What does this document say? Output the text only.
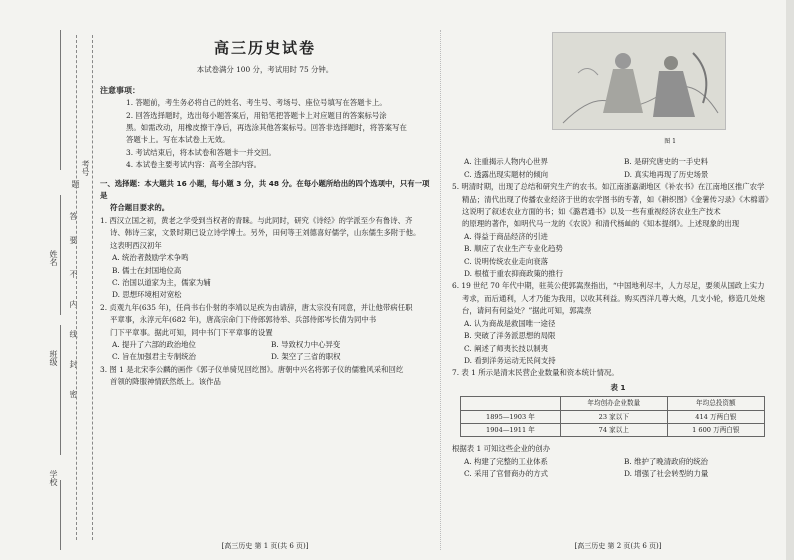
考号
姓名
班级
学校
题
答
要
不
内
线
封
密
高三历史试卷
本试卷满分 100 分，考试用时 75 分钟。
注意事项：
1. 答题前，考生务必将自己的姓名、考生号、考场号、座位号填写在答题卡上。
2. 回答选择题时，选出每小题答案后，用铅笔把答题卡上对应题目的答案标号涂
黑。如需改动，用橡皮擦干净后，再选涂其他答案标号。回答非选择题时，将答案写在
答题卡上。写在本试卷上无效。
3. 考试结束后，将本试卷和答题卡一并交回。
4. 本试卷主要考试内容：高考全部内容。
一、选择题：本大题共 16 小题，每小题 3 分，共 48 分。在每小题所给出的四个选项中，只有一项是
符合题目要求的。
1. 西汉立国之初，黄老之学受到当权者的青睐。与此同时，研究《诗经》的学派至少有鲁诗、齐
诗、韩诗三家，文景时期已设立诗学博士。另外，田何等王刘德喜好儒学，山东儒生多附于他。
这表明西汉初年
A. 统治者鼓励学术争鸣
B. 儒士在封国地位高
C. 治国以道家为主，儒家为辅
D. 思想环境相对宽松
2. 贞观九年(635 年)，任尚书右仆射的李靖以足疾为由请辞，唐太宗没有同意，并让他带病任职
平章事，永淳元年(682 年)，唐高宗命门下侍郎郭待举、兵部侍郎岑长倩为同中书
门下平章事。据此可知，同中书门下平章事的设置
A. 提升了六部的政治地位	B. 导致权力中心异变
C. 旨在加强君主专制统治	D. 架空了三省的职权
3. 图 1 是北宋李公麟的画作《郭子仪单骑见回纥图》。唐朝中兴名将郭子仪的儒雅风采和回纥
首领的降服神情跃然纸上。该作品
[高三历史 第 1 页(共 6 页)]
图 1
A. 注重揭示人物内心世界	B. 是研究唐史的一手史料
C. 透露出现实题材的倾向	D. 真实地再现了历史场景
5. 明清时期，出现了总结和研究生产的农书。如江南浙嘉湖地区《补农书》在江南地区推广农学
精品；清代出现了传播农业经济于世的农学图书的专著，如《耕织图》《金薯传习录》《木棉谱》
这说明了叙述农业方面的书；如《潞君通书》以及一些有重视经济农业生产技术
的原理的著作，如明代马一龙的《农说》和清代杨屾的《知本提纲》。上述现象的出现
A. 得益于商品经济的引进
B. 顺应了农业生产专业化趋势
C. 说明传统农业走向衰落
D. 根植于重农抑商政策的推行
6. 19 世纪 70 年代中期，驻英公使郭嵩焘指出，“中国地利尽丰，人力尽足，要须从国政上实力
考求，而后通利，人才乃能为我用，以收其利益。购买西洋几尊大炮，几支小轮，修造几处炮
台，请问有何益处？”据此可知，郭嵩焘
A. 认为商战是救国唯一途径
B. 突破了洋务派思想的局限
C. 阐述了师夷长技以制夷
D. 看到洋务运动无民间支持
7. 表 1 所示是清末民营企业数量和资本统计情况。
表 1
	年均创办企业数量	年均总投资额
1895—1903 年	23 家以下	414 万两白银
1904—1911 年	74 家以上	1 600 万两白银
根据表 1 可知这些企业的创办
A. 构建了完整的工业体系	B. 维护了晚清政府的统治
C. 采用了官督商办的方式	D. 增强了社会转型的力量
[高三历史 第 2 页(共 6 页)]
